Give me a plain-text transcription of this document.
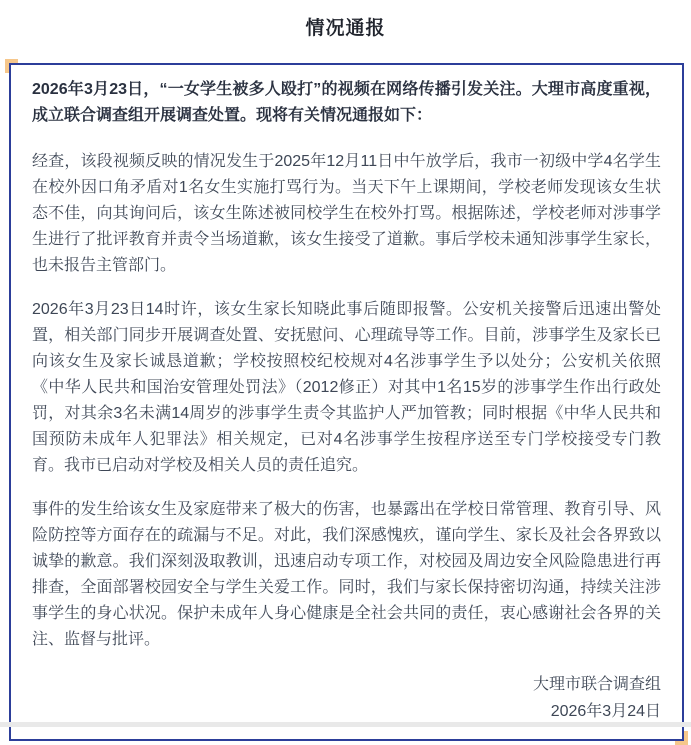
情况通报

2026年3月23日，“一女学生被多人殴打”的视频在网络传播引发关注。大理市高度重视，成立联合调查组开展调查处置。现将有关情况通报如下：

经查，该段视频反映的情况发生于2025年12月11日中午放学后，我市一初级中学4名学生在校外因口角矛盾对1名女生实施打骂行为。当天下午上课期间，学校老师发现该女生状态不佳，向其询问后，该女生陈述被同校学生在校外打骂。根据陈述，学校老师对涉事学生进行了批评教育并责令当场道歉，该女生接受了道歉。事后学校未通知涉事学生家长，也未报告主管部门。

2026年3月23日14时许，该女生家长知晓此事后随即报警。公安机关接警后迅速出警处置，相关部门同步开展调查处置、安抚慰问、心理疏导等工作。目前，涉事学生及家长已向该女生及家长诚恳道歉；学校按照校纪校规对4名涉事学生予以处分；公安机关依照《中华人民共和国治安管理处罚法》（2012修正）对其中1名15岁的涉事学生作出行政处罚，对其余3名未满14周岁的涉事学生责令其监护人严加管教；同时根据《中华人民共和国预防未成年人犯罪法》相关规定，已对4名涉事学生按程序送至专门学校接受专门教育。我市已启动对学校及相关人员的责任追究。

事件的发生给该女生及家庭带来了极大的伤害，也暴露出在学校日常管理、教育引导、风险防控等方面存在的疏漏与不足。对此，我们深感愧疚，谨向学生、家长及社会各界致以诚挚的歉意。我们深刻汲取教训，迅速启动专项工作，对校园及周边安全风险隐患进行再排查，全面部署校园安全与学生关爱工作。同时，我们与家长保持密切沟通，持续关注涉事学生的身心状况。保护未成年人身心健康是全社会共同的责任，衷心感谢社会各界的关注、监督与批评。

大理市联合调查组
2026年3月24日
